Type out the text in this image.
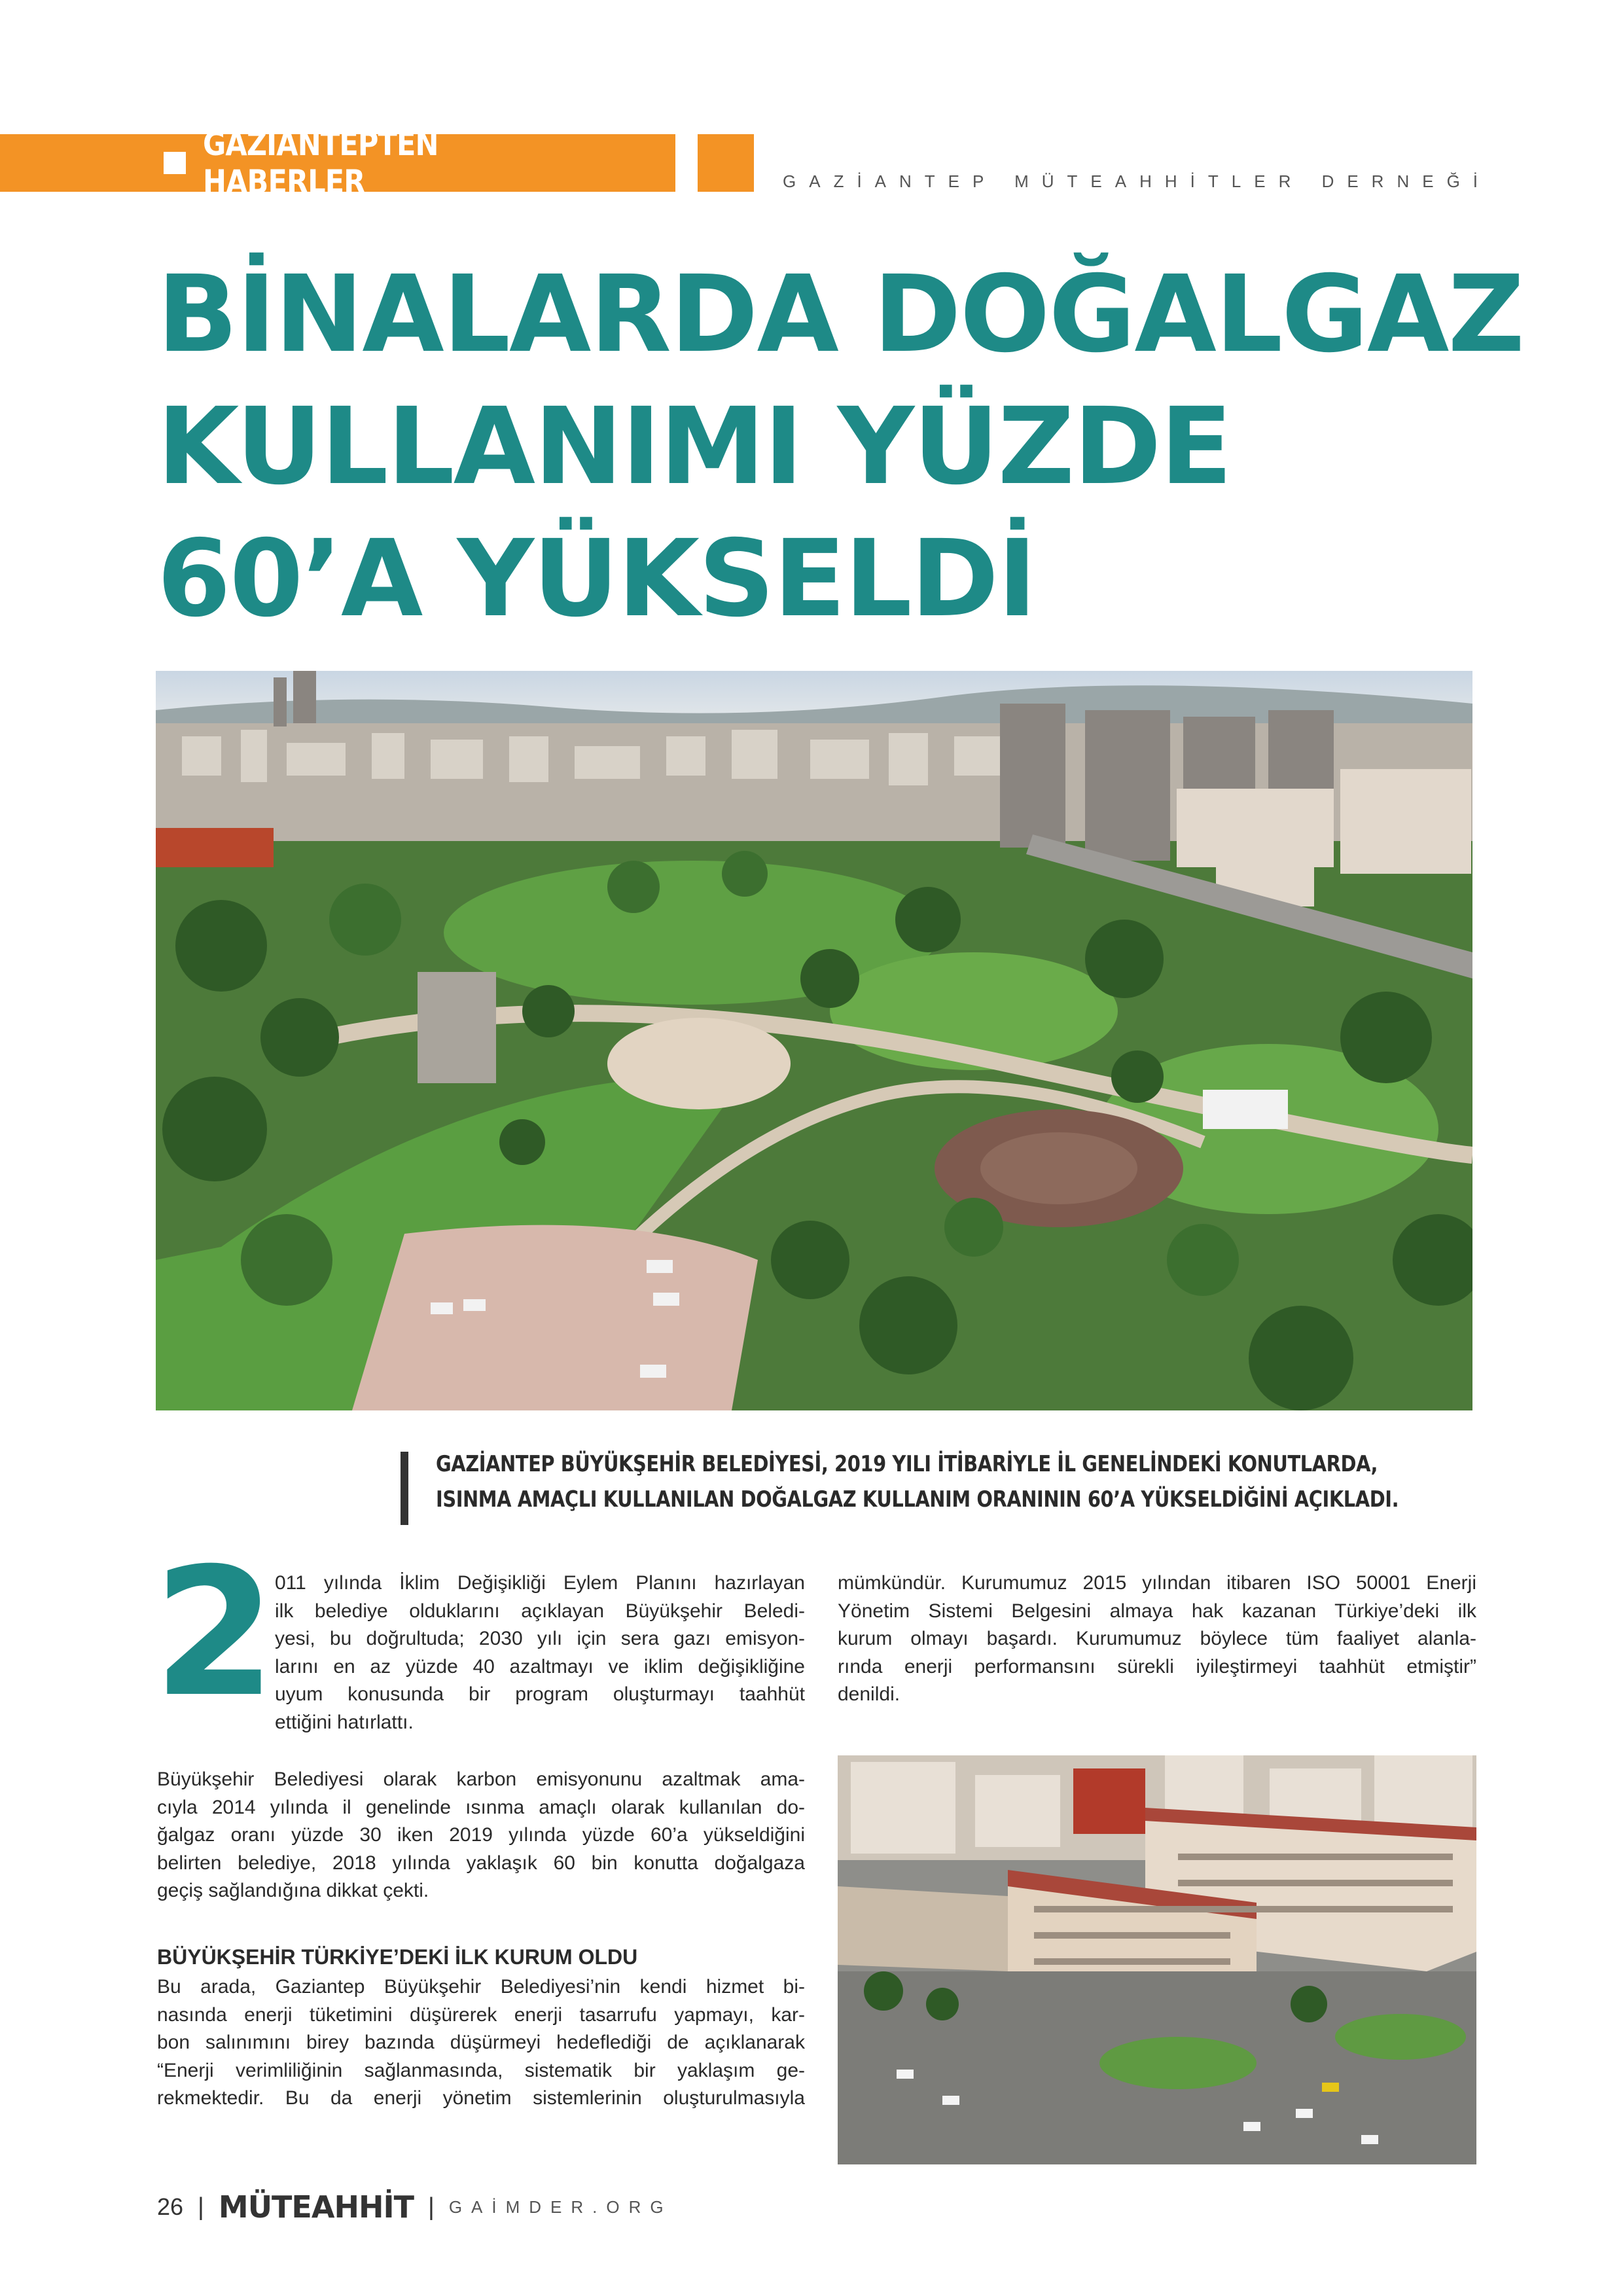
GAZİANTEPTEN HABERLER	GAZİANTEP MÜTEAHHİTLER DERNEĞİ
BİNALARDA DOĞALGAZ
KULLANIMI YÜZDE
60’A YÜKSELDİ

GAZİANTEP BÜYÜKŞEHİR BELEDİYESİ, 2019 YILI İTİBARİYLE İL GENELİNDEKİ KONUTLARDA,
ISINMA AMAÇLI KULLANILAN DOĞALGAZ KULLANIM ORANININ 60’A YÜKSELDİĞİNİ AÇIKLADI.

2

011 yılında İklim Değişikliği Eylem Planını hazırlayan
ilk belediye olduklarını açıklayan Büyükşehir Beledi-
yesi, bu doğrultuda; 2030 yılı için sera gazı emisyon-
larını en az yüzde 40 azaltmayı ve iklim değişikliğine
uyum konusunda bir program oluşturmayı taahhüt
ettiğini hatırlattı.

Büyükşehir Belediyesi olarak karbon emisyonunu azaltmak ama-
cıyla 2014 yılında il genelinde ısınma amaçlı olarak kullanılan do-
ğalgaz oranı yüzde 30 iken 2019 yılında yüzde 60’a yükseldiğini
belirten belediye, 2018 yılında yaklaşık 60 bin konutta doğalgaza
geçiş sağlandığına dikkat çekti.

BÜYÜKŞEHİR TÜRKİYE’DEKİ İLK KURUM OLDU

Bu arada, Gaziantep Büyükşehir Belediyesi’nin kendi hizmet bi-
nasında enerji tüketimini düşürerek enerji tasarrufu yapmayı, kar-
bon salınımını birey bazında düşürmeyi hedeflediği de açıklanarak
“Enerji verimliliğinin sağlanmasında, sistematik bir yaklaşım ge-
rekmektedir. Bu da enerji yönetim sistemlerinin oluşturulmasıyla

mümkündür. Kurumumuz 2015 yılından itibaren ISO 50001 Enerji
Yönetim Sistemi Belgesini almaya hak kazanan Türkiye’deki ilk
kurum olmayı başardı. Kurumumuz böylece tüm faaliyet alanla-
rında enerji performansını sürekli iyileştirmeyi taahhüt etmiştir”
denildi.

26 | MÜTEAHHİT | GAİMDER.ORG
